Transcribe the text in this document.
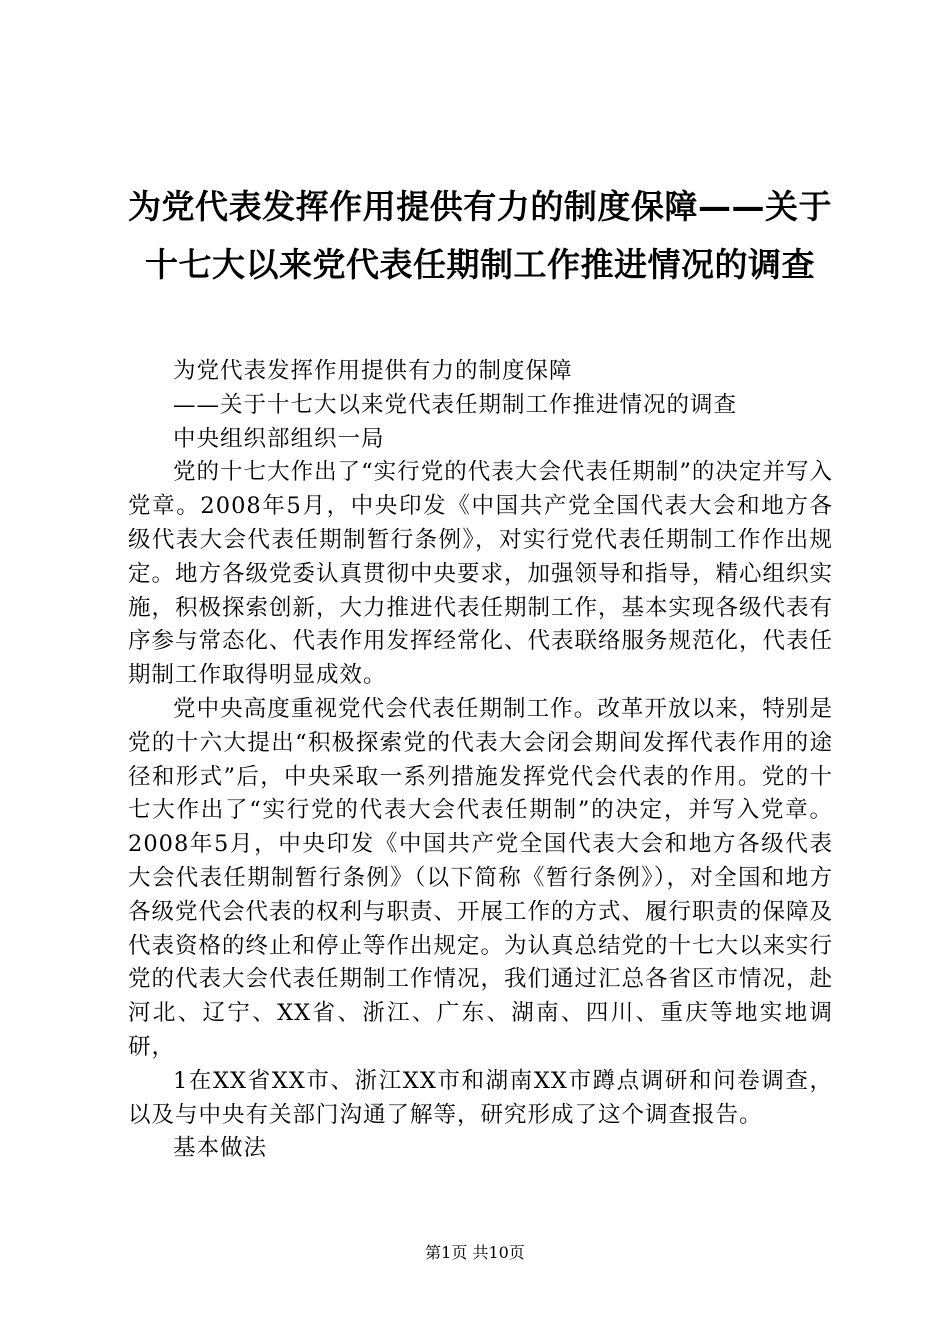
为党代表发挥作用提供有力的制度保障——关于十七大以来党代表任期制工作推进情况的调查

为党代表发挥作用提供有力的制度保障

——关于十七大以来党代表任期制工作推进情况的调查

中央组织部组织一局

党的十七大作出了“实行党的代表大会代表任期制”的决定并写入党章。2008年5月，中央印发《中国共产党全国代表大会和地方各级代表大会代表任期制暂行条例》，对实行党代表任期制工作作出规定。地方各级党委认真贯彻中央要求，加强领导和指导，精心组织实施，积极探索创新，大力推进代表任期制工作，基本实现各级代表有序参与常态化、代表作用发挥经常化、代表联络服务规范化，代表任期制工作取得明显成效。

党中央高度重视党代会代表任期制工作。改革开放以来，特别是党的十六大提出“积极探索党的代表大会闭会期间发挥代表作用的途径和形式”后，中央采取一系列措施发挥党代会代表的作用。党的十七大作出了“实行党的代表大会代表任期制”的决定，并写入党章。2008年5月，中央印发《中国共产党全国代表大会和地方各级代表大会代表任期制暂行条例》（以下简称《暂行条例》），对全国和地方各级党代会代表的权利与职责、开展工作的方式、履行职责的保障及代表资格的终止和停止等作出规定。为认真总结党的十七大以来实行党的代表大会代表任期制工作情况，我们通过汇总各省区市情况，赴河北、辽宁、XX省、浙江、广东、湖南、四川、重庆等地实地调研，

1在XX省XX市、浙江XX市和湖南XX市蹲点调研和问卷调查，以及与中央有关部门沟通了解等，研究形成了这个调查报告。

基本做法

第1页 共10页
